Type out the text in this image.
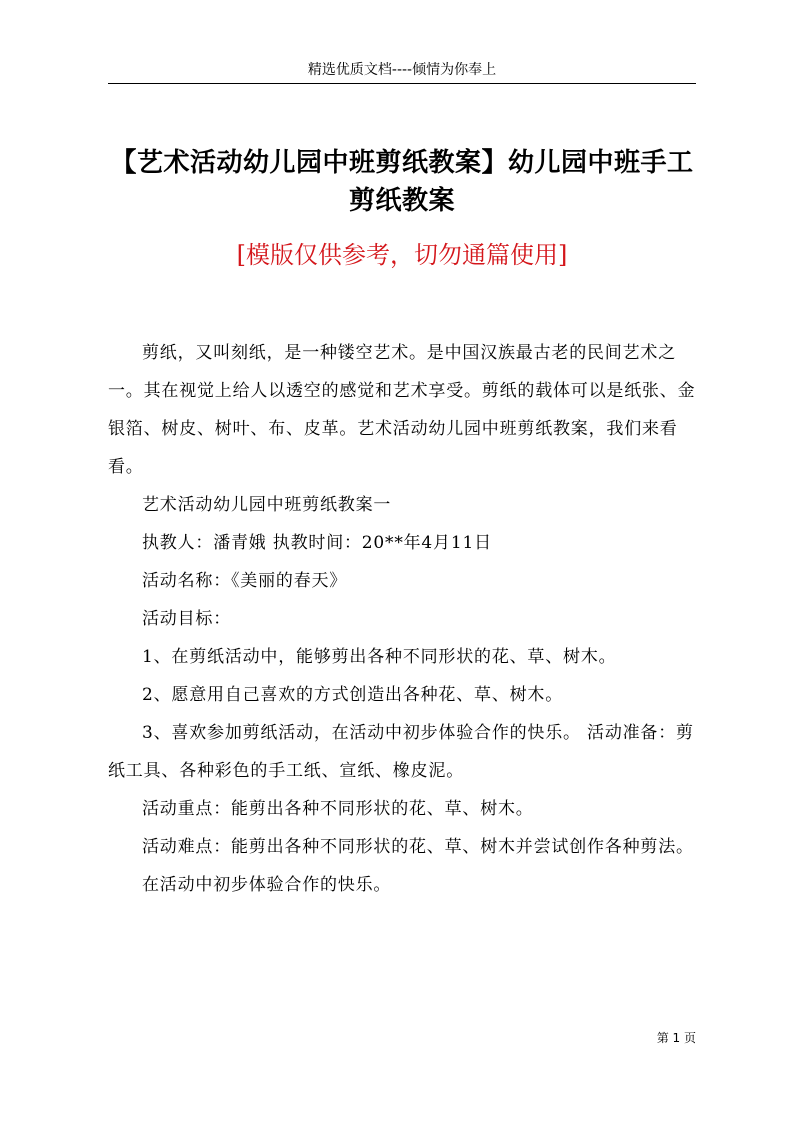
精选优质文档----倾情为你奉上
【艺术活动幼儿园中班剪纸教案】幼儿园中班手工剪纸教案
[模版仅供参考，切勿通篇使用]

剪纸，又叫刻纸，是一种镂空艺术。是中国汉族最古老的民间艺术之一。其在视觉上给人以透空的感觉和艺术享受。剪纸的载体可以是纸张、金银箔、树皮、树叶、布、皮革。艺术活动幼儿园中班剪纸教案，我们来看看。

艺术活动幼儿园中班剪纸教案一

执教人：潘青娥 执教时间：20**年4月11日

活动名称：《美丽的春天》

活动目标：

1、在剪纸活动中，能够剪出各种不同形状的花、草、树木。

2、愿意用自己喜欢的方式创造出各种花、草、树木。

3、喜欢参加剪纸活动，在活动中初步体验合作的快乐。 活动准备：剪纸工具、各种彩色的手工纸、宣纸、橡皮泥。

活动重点：能剪出各种不同形状的花、草、树木。

活动难点：能剪出各种不同形状的花、草、树木并尝试创作各种剪法。

在活动中初步体验合作的快乐。

第 1 页
